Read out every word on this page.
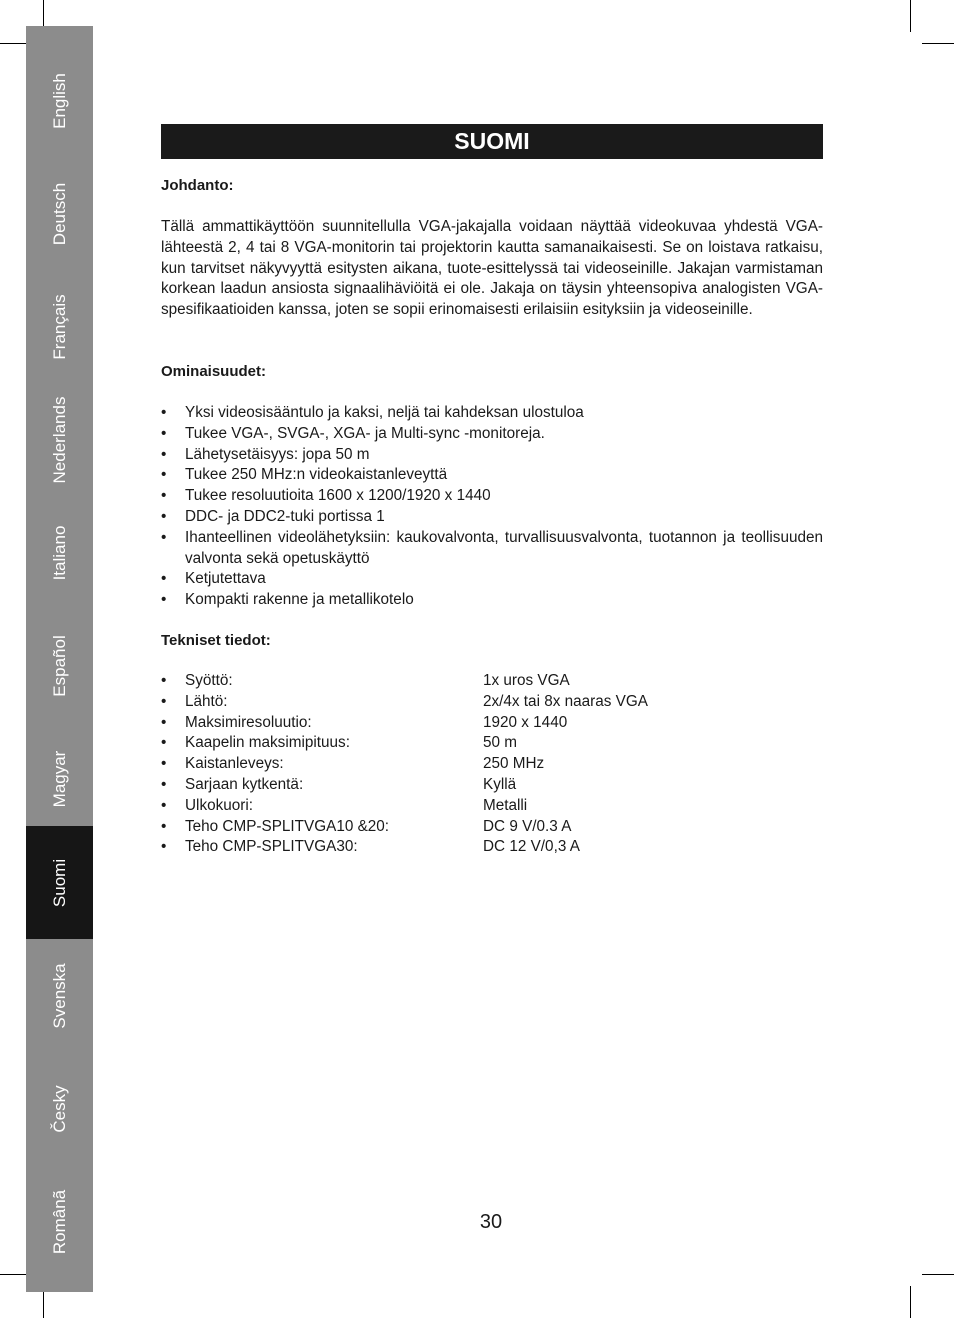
English
Deutsch
Français
Nederlands
Italiano
Español
Magyar
Suomi
Svenska
Česky
Românã
SUOMI
Johdanto:
Tällä ammattikäyttöön suunnitellulla VGA-jakajalla voidaan näyttää videokuvaa yhdestä VGA-lähteestä 2, 4 tai 8 VGA-monitorin tai projektorin kautta samanaikaisesti. Se on loistava ratkaisu, kun tarvitset näkyvyyttä esitysten aikana, tuote-esittelyssä tai videoseinille. Jakajan varmistaman korkean laadun ansiosta signaalihäviöitä ei ole. Jakaja on täysin yhteensopiva analogisten VGA-spesifikaatioiden kanssa, joten se sopii erinomaisesti erilaisiin esityksiin ja videoseinille.
Ominaisuudet:
• Yksi videosisääntulo ja kaksi, neljä tai kahdeksan ulostuloa
• Tukee VGA-, SVGA-, XGA- ja Multi-sync -monitoreja.
• Lähetysetäisyys: jopa 50 m
• Tukee 250 MHz:n videokaistanleveyttä
• Tukee resoluutioita 1600 x 1200/1920 x 1440
• DDC- ja DDC2-tuki portissa 1
• Ihanteellinen videolähetyksiin: kaukovalvonta, turvallisuusvalvonta, tuotannon ja teollisuuden valvonta sekä opetuskäyttö
• Ketjutettava
• Kompakti rakenne ja metallikotelo
Tekniset tiedot:
• Syöttö:	1x uros VGA
• Lähtö:	2x/4x tai 8x naaras VGA
• Maksimiresoluutio:	1920 x 1440
• Kaapelin maksimipituus:	50 m
• Kaistanleveys:	250 MHz
• Sarjaan kytkentä:	Kyllä
• Ulkokuori:	Metalli
• Teho CMP-SPLITVGA10 &20:	DC 9 V/0.3 A
• Teho CMP-SPLITVGA30:	DC 12 V/0,3 A
30
